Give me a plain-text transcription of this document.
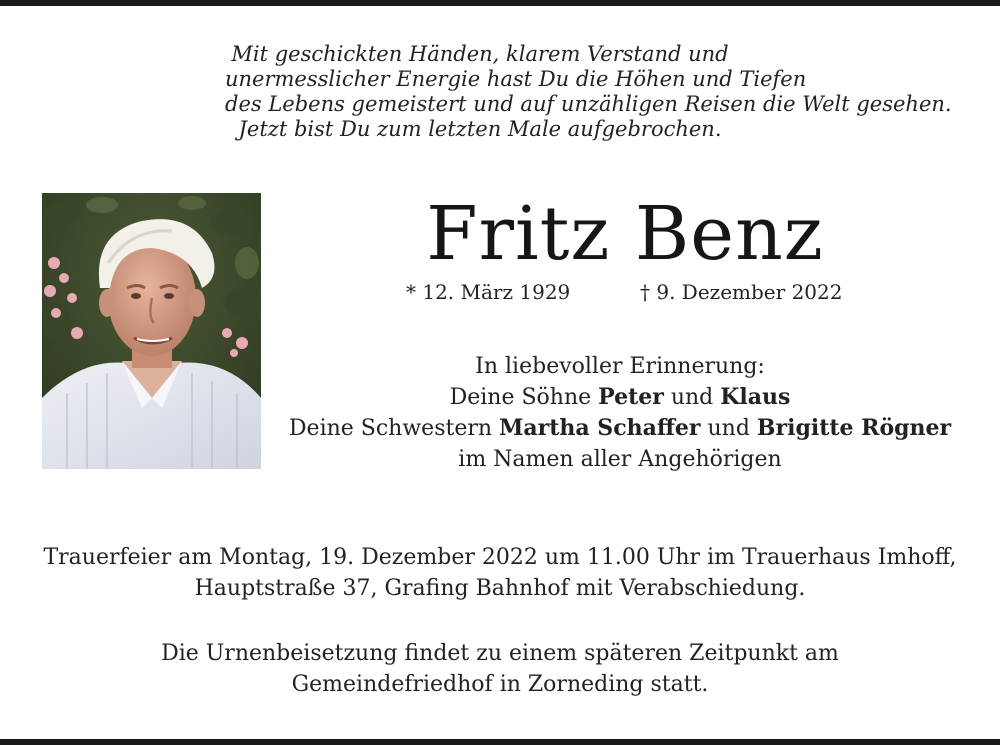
Mit geschickten Händen, klarem Verstand und
unermesslicher Energie hast Du die Höhen und Tiefen
des Lebens gemeistert und auf unzähligen Reisen die Welt gesehen.
Jetzt bist Du zum letzten Male aufgebrochen.
Fritz Benz
* 12. März 1929	† 9. Dezember 2022
In liebevoller Erinnerung:
Deine Söhne Peter und Klaus
Deine Schwestern Martha Schaffer und Brigitte Rögner
im Namen aller Angehörigen
Trauerfeier am Montag, 19. Dezember 2022 um 11.00 Uhr im Trauerhaus Imhoff,
Hauptstraße 37, Grafing Bahnhof mit Verabschiedung.
Die Urnenbeisetzung findet zu einem späteren Zeitpunkt am
Gemeindefriedhof in Zorneding statt.
